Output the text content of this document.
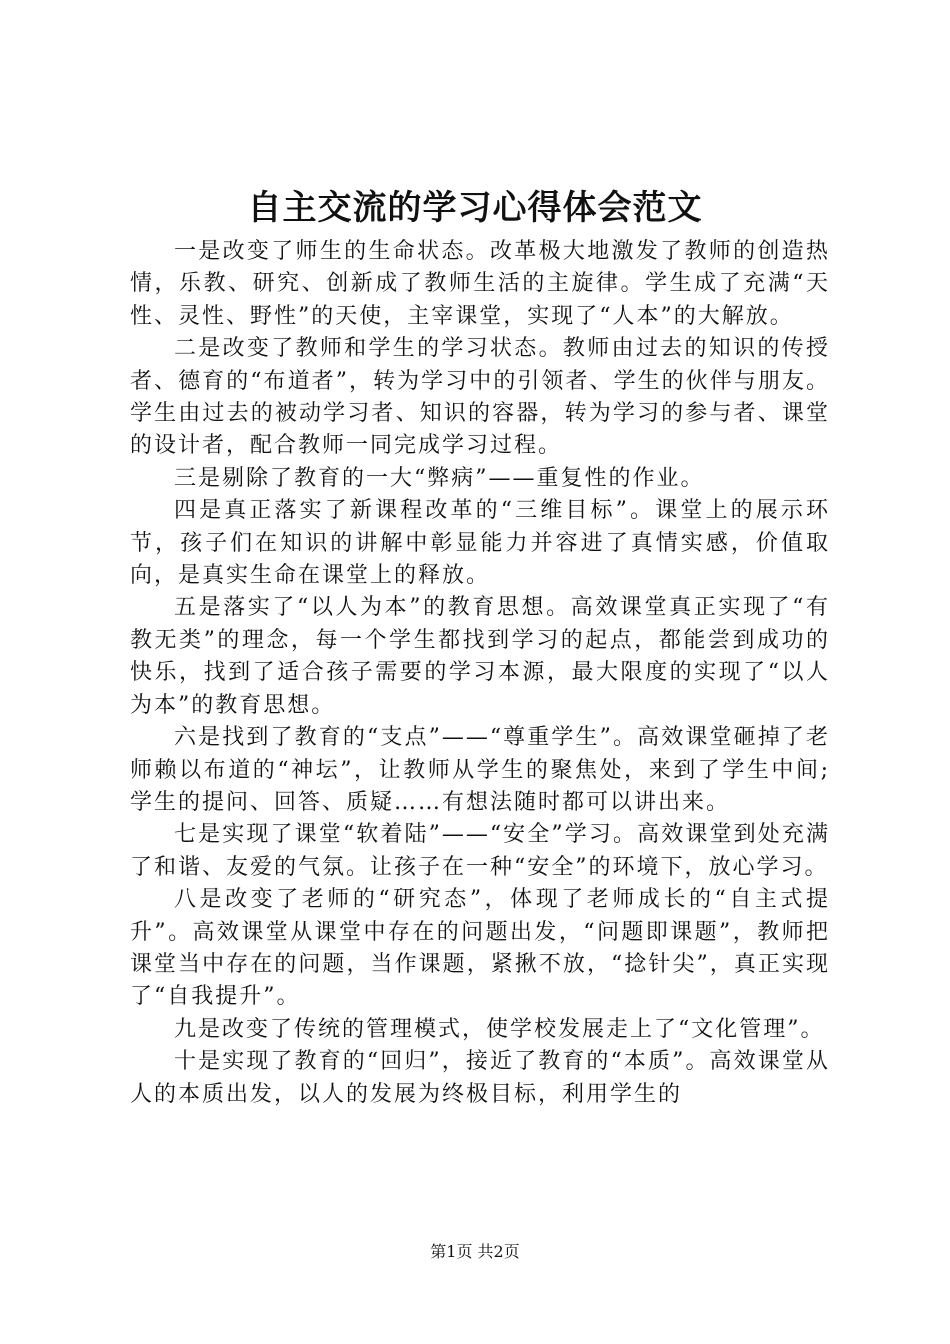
自主交流的学习心得体会范文

一是改变了师生的生命状态。改革极大地激发了教师的创造热情，乐教、研究、创新成了教师生活的主旋律。学生成了充满“天性、灵性、野性”的天使，主宰课堂，实现了“人本”的大解放。

二是改变了教师和学生的学习状态。教师由过去的知识的传授者、德育的“布道者”，转为学习中的引领者、学生的伙伴与朋友。学生由过去的被动学习者、知识的容器，转为学习的参与者、课堂的设计者，配合教师一同完成学习过程。

三是剔除了教育的一大“弊病”——重复性的作业。

四是真正落实了新课程改革的“三维目标”。课堂上的展示环节，孩子们在知识的讲解中彰显能力并容进了真情实感，价值取向，是真实生命在课堂上的释放。

五是落实了“以人为本”的教育思想。高效课堂真正实现了“有教无类”的理念，每一个学生都找到学习的起点，都能尝到成功的快乐，找到了适合孩子需要的学习本源，最大限度的实现了“以人为本”的教育思想。

六是找到了教育的“支点”——“尊重学生”。高效课堂砸掉了老师赖以布道的“神坛”，让教师从学生的聚焦处，来到了学生中间;学生的提问、回答、质疑……有想法随时都可以讲出来。

七是实现了课堂“软着陆”——“安全”学习。高效课堂到处充满了和谐、友爱的气氛。让孩子在一种“安全”的环境下，放心学习。

八是改变了老师的“研究态”，体现了老师成长的“自主式提升”。高效课堂从课堂中存在的问题出发，“问题即课题”，教师把课堂当中存在的问题，当作课题，紧揪不放，“捻针尖”，真正实现了“自我提升”。

九是改变了传统的管理模式，使学校发展走上了“文化管理”。

十是实现了教育的“回归”，接近了教育的“本质”。高效课堂从人的本质出发，以人的发展为终极目标，利用学生的

第1页 共2页
